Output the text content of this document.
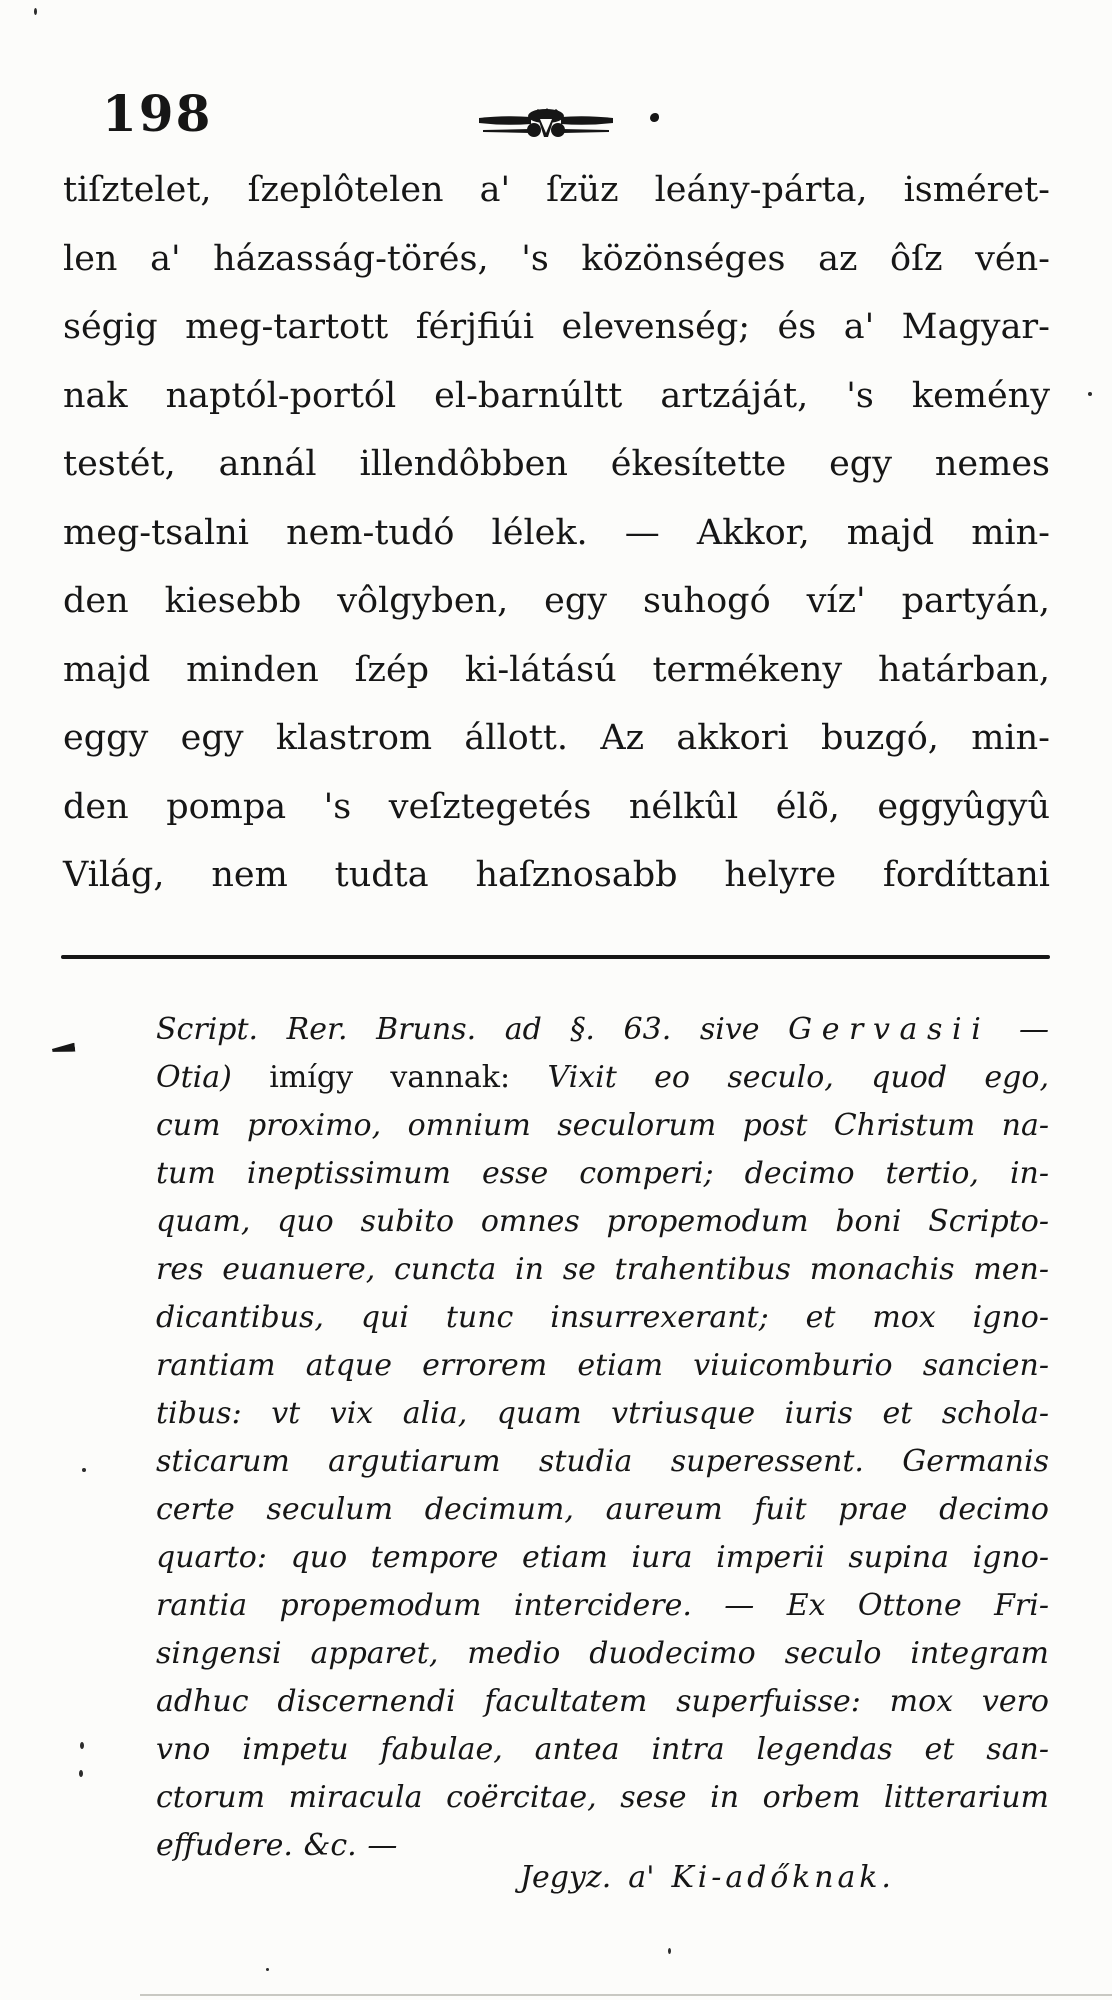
198
tiſztelet, ſzeplôtelen a' ſzüz leány-párta, isméret-
len a' házasság-törés, 's közönséges az ôſz vén-
ségig meg-tartott férjfiúi elevenség; és a' Magyar-
nak naptól-portól el-barnúltt artzáját, 's kemény
testét, annál illendôbben ékesítette egy nemes
meg-tsalni nem-tudó lélek. — Akkor, majd min-
den kiesebb vôlgyben, egy suhogó víz' partyán,
majd minden ſzép ki-látású termékeny határban,
eggy egy klastrom állott. Az akkori buzgó, min-
den pompa 's veſztegetés nélkûl élõ, eggyûgyû
Világ, nem tudta haſznosabb helyre fordíttani
Script. Rer. Bruns. ad §. 63. sive Gervasii —
Otia) imígy vannak: Vixit eo seculo, quod ego,
cum proximo, omnium seculorum post Christum na-
tum ineptissimum esse comperi; decimo tertio, in-
quam, quo subito omnes propemodum boni Scripto-
res euanuere, cuncta in se trahentibus monachis men-
dicantibus, qui tunc insurrexerant; et mox igno-
rantiam atque errorem etiam viuicomburio sancien-
tibus: vt vix alia, quam vtriusque iuris et schola-
sticarum argutiarum studia superessent. Germanis
certe seculum decimum, aureum fuit prae decimo
quarto: quo tempore etiam iura imperii supina igno-
rantia propemodum intercidere. — Ex Ottone Fri-
singensi apparet, medio duodecimo seculo integram
adhuc discernendi facultatem superfuisse: mox vero
vno impetu fabulae, antea intra legendas et san-
ctorum miracula coërcitae, sese in orbem litterarium
effudere. &c. —
Jegyz. a' Ki-adőknak.
